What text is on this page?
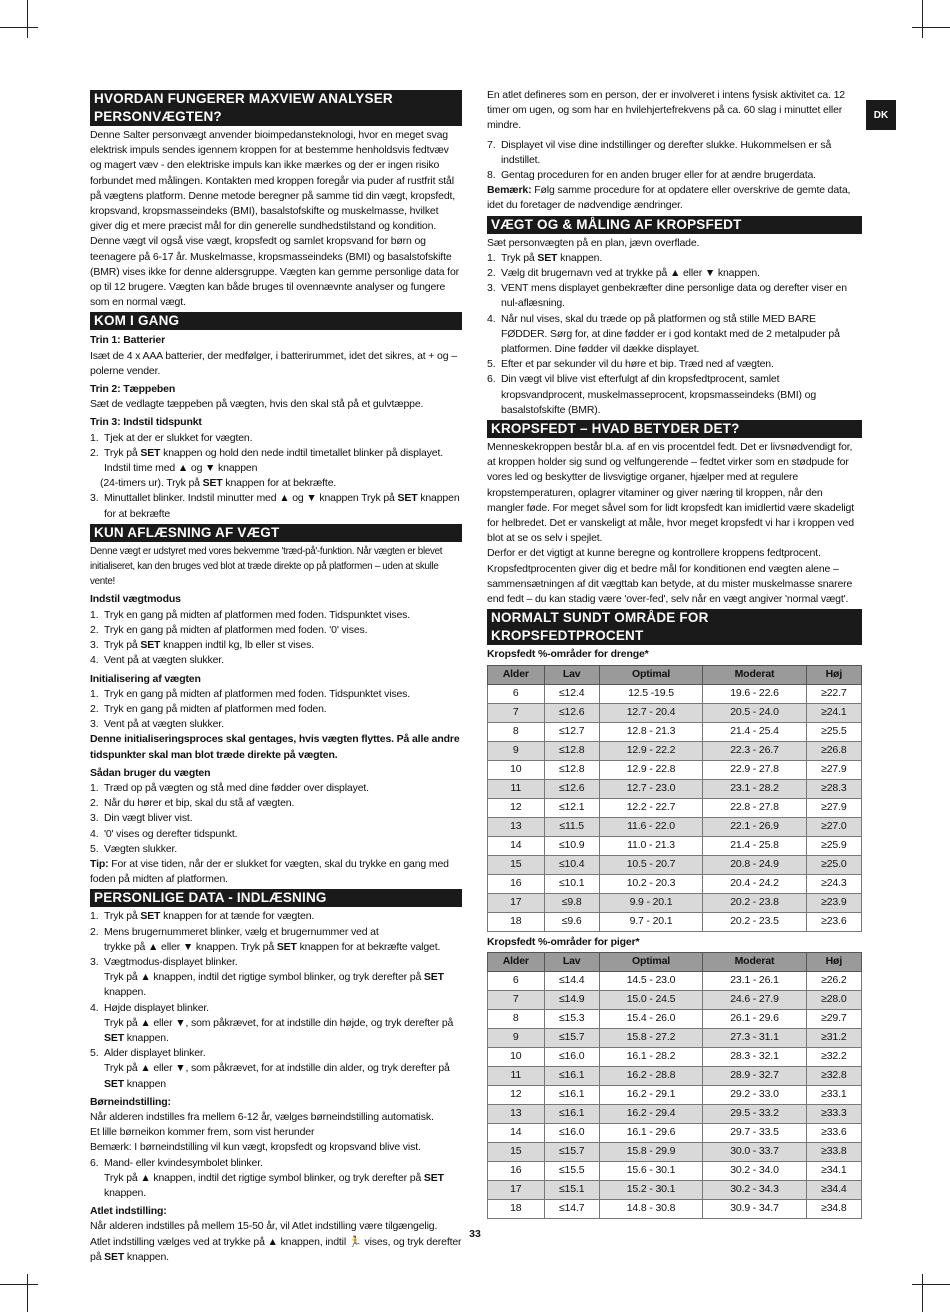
DK
HVORDAN FUNGERER MAXVIEW ANALYSER PERSONVÆGTEN?

Denne Salter personvægt anvender bioimpedansteknologi, hvor en meget svag elektrisk impuls sendes igennem kroppen for at bestemme henholdsvis fedtvæv og magert væv - den elektriske impuls kan ikke mærkes og der er ingen risiko forbundet med målingen. Kontakten med kroppen foregår via puder af rustfrit stål på vægtens platform. Denne metode beregner på samme tid din vægt, kropsfedt, kropsvand, kropsmasseindeks (BMI), basalstofskifte og muskelmasse, hvilket giver dig et mere præcist mål for din generelle sundhedstilstand og kondition. Denne vægt vil også vise vægt, kropsfedt og samlet kropsvand for børn og teenagere på 6-17 år. Muskelmasse, kropsmasseindeks (BMI) og basalstofskifte (BMR) vises ikke for denne aldersgruppe. Vægten kan gemme personlige data for op til 12 brugere. Vægten kan både bruges til ovennævnte analyser og fungere som en normal vægt.

KOM I GANG

Trin 1: Batterier

Isæt de 4 x AAA batterier, der medfølger, i batterirummet, idet det sikres, at + og – polerne vender.

Trin 2: Tæppeben

Sæt de vedlagte tæppeben på vægten, hvis den skal stå på et gulvtæppe.

Trin 3: Indstil tidspunkt

1. Tjek at der er slukket for vægten.
2. Tryk på SET knappen og hold den nede indtil timetallet blinker på displayet. Indstil time med ▲ og ▼ knappen

(24-timers ur). Tryk på SET knappen for at bekræfte.

3. Minuttallet blinker. Indstil minutter med ▲ og ▼ knappen Tryk på SET knappen for at bekræfte
KUN AFLÆSNING AF VÆGT

Denne vægt er udstyret med vores bekvemme 'træd-på'-funktion. Når vægten er blevet initialiseret, kan den bruges ved blot at træde direkte op på platformen – uden at skulle vente!

Indstil vægtmodus

1. Tryk en gang på midten af platformen med foden. Tidspunktet vises.
2. Tryk en gang på midten af platformen med foden. '0' vises.
3. Tryk på SET knappen indtil kg, lb eller st vises.
4. Vent på at vægten slukker.

Initialisering af vægten

1. Tryk en gang på midten af platformen med foden. Tidspunktet vises.
2. Tryk en gang på midten af platformen med foden.
3. Vent på at vægten slukker.

Denne initialiseringsproces skal gentages, hvis vægten flyttes. På alle andre tidspunkter skal man blot træde direkte på vægten.

Sådan bruger du vægten

1. Træd op på vægten og stå med dine fødder over displayet.
2. Når du hører et bip, skal du stå af vægten.
3. Din vægt bliver vist.
4. '0' vises og derefter tidspunkt.
5. Vægten slukker.

Tip: For at vise tiden, når der er slukket for vægten, skal du trykke en gang med foden på midten af platformen.

PERSONLIGE DATA - INDLÆSNING
1. Tryk på SET knappen for at tænde for vægten.
2. Mens brugernummeret blinker, vælg et brugernummer ved at

trykke på ▲ eller ▼ knappen. Tryk på SET knappen for at bekræfte valget.

3. Vægtmodus-displayet blinker.

Tryk på ▲ knappen, indtil det rigtige symbol blinker, og tryk derefter på SET knappen.

4. Højde displayet blinker.

Tryk på ▲ eller ▼, som påkrævet, for at indstille din højde, og tryk derefter på SET knappen.

5. Alder displayet blinker.

Tryk på ▲ eller ▼, som påkrævet, for at indstille din alder, og tryk derefter på SET knappen

Børneindstilling:

Når alderen indstilles fra mellem 6-12 år, vælges børneindstilling automatisk.

Et lille børneikon kommer frem, som vist herunder

Bemærk: I børneindstilling vil kun vægt, kropsfedt og kropsvand blive vist.

6. Mand- eller kvindesymbolet blinker.

Tryk på ▲ knappen, indtil det rigtige symbol blinker, og tryk derefter på SET knappen.

Atlet indstilling:

Når alderen indstilles på mellem 15-50 år, vil Atlet indstilling være tilgængelig.

Atlet indstilling vælges ved at trykke på ▲ knappen, indtil 🏃 vises, og tryk derefter

på SET knappen.

En atlet defineres som en person, der er involveret i intens fysisk aktivitet ca. 12 timer om ugen, og som har en hvilehjertefrekvens på ca. 60 slag i minuttet eller mindre.

7. Displayet vil vise dine indstillinger og derefter slukke. Hukommelsen er så indstillet.
8. Gentag proceduren for en anden bruger eller for at ændre brugerdata.

Bemærk: Følg samme procedure for at opdatere eller overskrive de gemte data, idet du foretager de nødvendige ændringer.

VÆGT OG & MÅLING AF KROPSFEDT

Sæt personvægten på en plan, jævn overflade.

1. Tryk på SET knappen.
2. Vælg dit brugernavn ved at trykke på ▲ eller ▼ knappen.
3. VENT mens displayet genbekræfter dine personlige data og derefter viser en nul-aflæsning.
4. Når nul vises, skal du træde op på platformen og stå stille MED BARE FØDDER. Sørg for, at dine fødder er i god kontakt med de 2 metalpuder på platformen. Dine fødder vil dække displayet.
5. Efter et par sekunder vil du høre et bip. Træd ned af vægten.
6. Din vægt vil blive vist efterfulgt af din kropsfedtprocent, samlet kropsvandprocent, muskelmasseprocent, kropsmasseindeks (BMI) og basalstofskifte (BMR).
KROPSFEDT – HVAD BETYDER DET?

Menneskekroppen består bl.a. af en vis procentdel fedt. Det er livsnødvendigt for, at kroppen holder sig sund og velfungerende – fedtet virker som en stødpude for vores led og beskytter de livsvigtige organer, hjælper med at regulere kropstemperaturen, oplagrer vitaminer og giver næring til kroppen, når den mangler føde. For meget såvel som for lidt kropsfedt kan imidlertid være skadeligt for helbredet. Det er vanskeligt at måle, hvor meget kropsfedt vi har i kroppen ved blot at se os selv i spejlet.

Derfor er det vigtigt at kunne beregne og kontrollere kroppens fedtprocent. Kropsfedtprocenten giver dig et bedre mål for konditionen end vægten alene – sammensætningen af dit vægttab kan betyde, at du mister muskelmasse snarere end fedt – du kan stadig være 'over-fed', selv når en vægt angiver 'normal vægt'.

NORMALT SUNDT OMRÅDE FOR KROPSFEDTPROCENT

Kropsfedt %-områder for drenge*

Alder	Lav	Optimal	Moderat	Høj
6	≤12.4	12.5 -19.5	19.6 - 22.6	≥22.7
7	≤12.6	12.7 - 20.4	20.5 - 24.0	≥24.1
8	≤12.7	12.8 - 21.3	21.4 - 25.4	≥25.5
9	≤12.8	12.9 - 22.2	22.3 - 26.7	≥26.8
10	≤12.8	12.9 - 22.8	22.9 - 27.8	≥27.9
11	≤12.6	12.7 - 23.0	23.1 - 28.2	≥28.3
12	≤12.1	12.2 - 22.7	22.8 - 27.8	≥27.9
13	≤11.5	11.6 - 22.0	22.1 - 26.9	≥27.0
14	≤10.9	11.0 - 21.3	21.4 - 25.8	≥25.9
15	≤10.4	10.5 - 20.7	20.8 - 24.9	≥25.0
16	≤10.1	10.2 - 20.3	20.4 - 24.2	≥24.3
17	≤9.8	9.9 - 20.1	20.2 - 23.8	≥23.9
18	≤9.6	9.7 - 20.1	20.2 - 23.5	≥23.6

Kropsfedt %-områder for piger*

Alder	Lav	Optimal	Moderat	Høj
6	≤14.4	14.5 - 23.0	23.1 - 26.1	≥26.2
7	≤14.9	15.0 - 24.5	24.6 - 27.9	≥28.0
8	≤15.3	15.4 - 26.0	26.1 - 29.6	≥29.7
9	≤15.7	15.8 - 27.2	27.3 - 31.1	≥31.2
10	≤16.0	16.1 - 28.2	28.3 - 32.1	≥32.2
11	≤16.1	16.2 - 28.8	28.9 - 32.7	≥32.8
12	≤16.1	16.2 - 29.1	29.2 - 33.0	≥33.1
13	≤16.1	16.2 - 29.4	29.5 - 33.2	≥33.3
14	≤16.0	16.1 - 29.6	29.7 - 33.5	≥33.6
15	≤15.7	15.8 - 29.9	30.0 - 33.7	≥33.8
16	≤15.5	15.6 - 30.1	30.2 - 34.0	≥34.1
17	≤15.1	15.2 - 30.1	30.2 - 34.3	≥34.4
18	≤14.7	14.8 - 30.8	30.9 - 34.7	≥34.8
33
